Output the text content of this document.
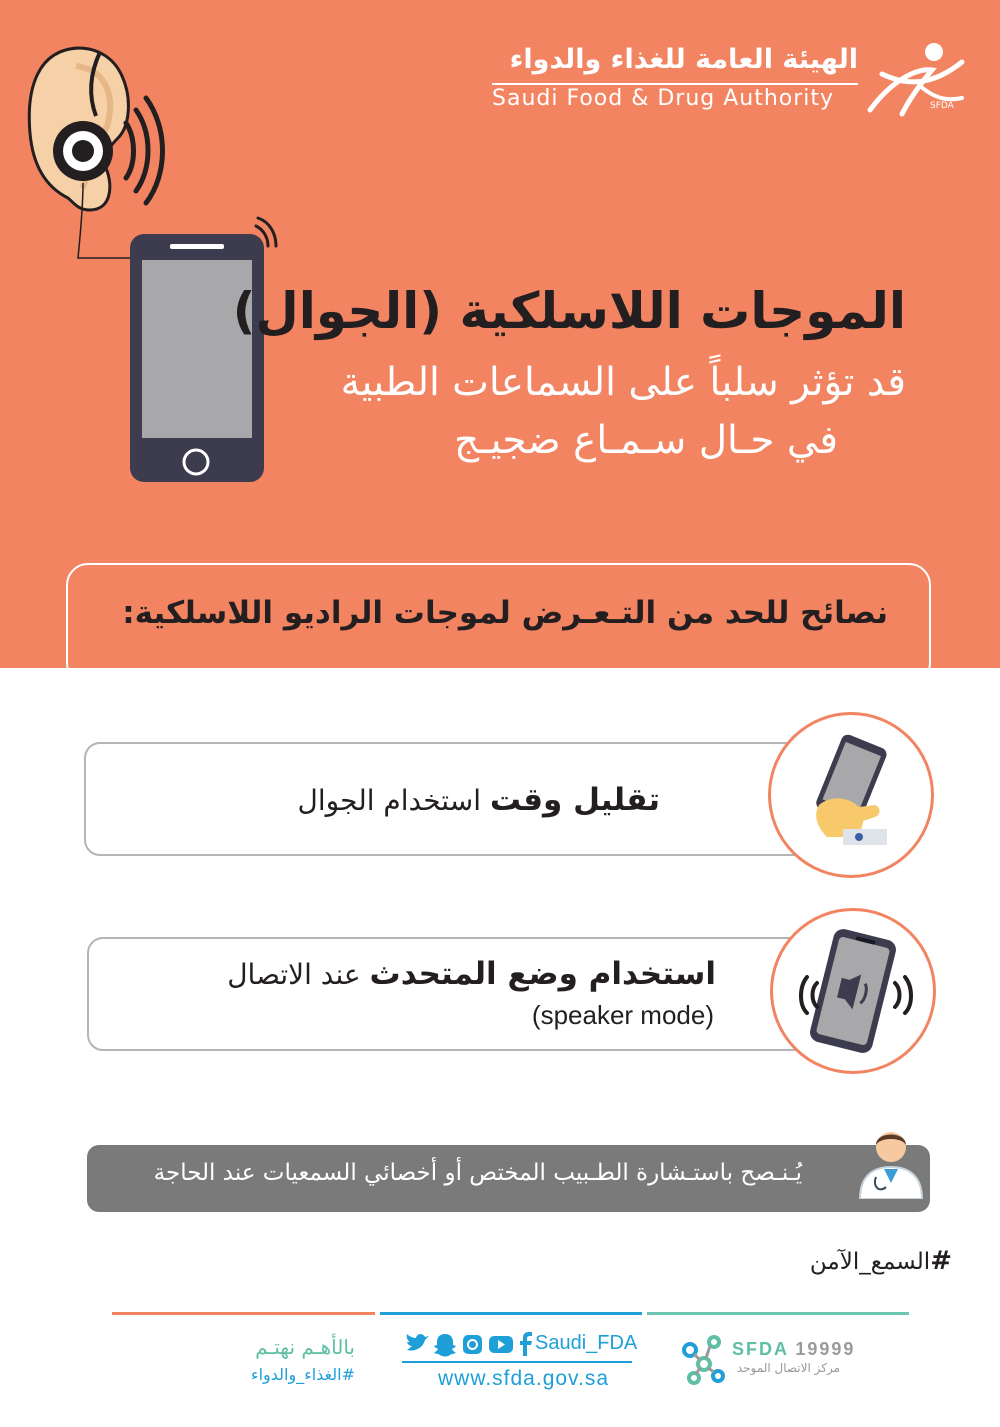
الهيئة العامة للغذاء والدواء
Saudi Food & Drug Authority	SFDA
الموجات اللاسلكية (الجوال)
قد تؤثر سلباً على السماعات الطبية
في حـال سـمـاع ضجيـج
نصائح للحد من التـعـرض لموجات الراديو اللاسلكية:
تقليل وقت استخدام الجوال
استخدام وضع المتحدث عند الاتصال
(speaker mode)
يُـنـصح باستـشارة الطـبيب المختص أو أخصائي السمعيات عند الحاجة
#السمع_الآمن
بالأهـم نهتـم
#الغذاء_والدواء
Saudi_FDA
www.sfda.gov.sa
SFDA 19999
مركز الاتصال الموحد
